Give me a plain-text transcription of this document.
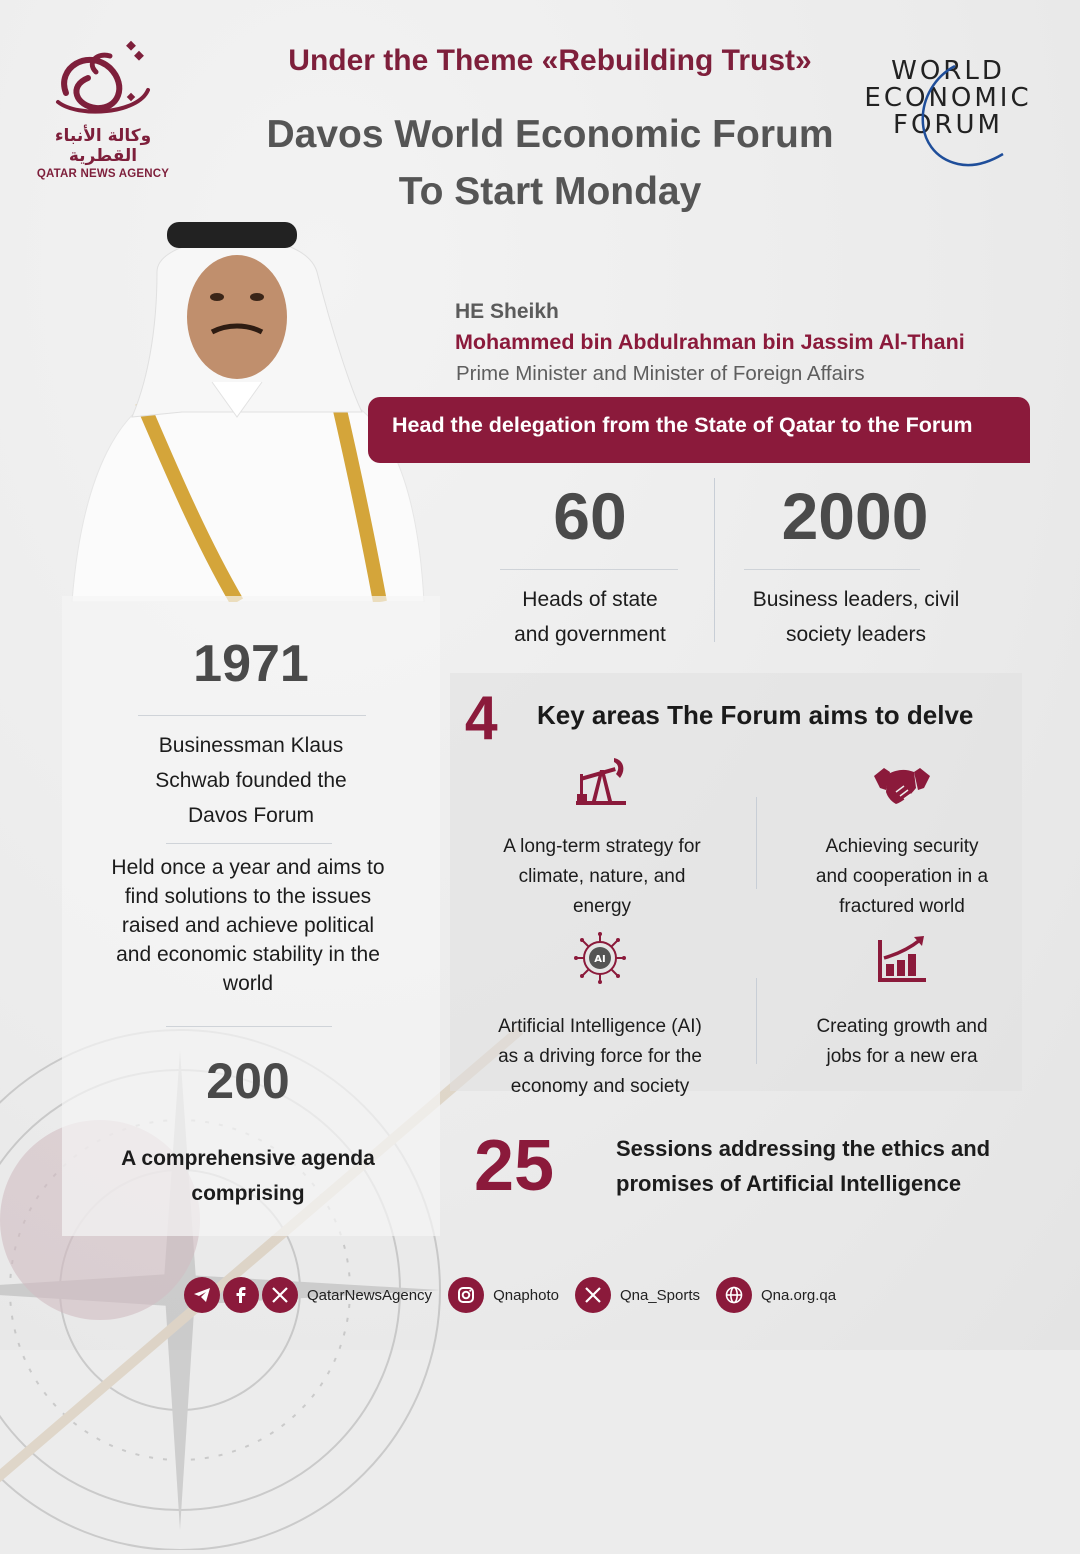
وكالة الأنباء القطرية
QATAR NEWS AGENCY
Under the Theme «Rebuilding Trust»
Davos World Economic Forum
To Start Monday
WORLD
ECONOMIC
FORUM
HE Sheikh
Mohammed bin Abdulrahman bin Jassim Al-Thani
Prime Minister and Minister of Foreign Affairs
Head the delegation from the State of Qatar to the Forum
60
Heads of state
and government
2000
Business leaders, civil
society leaders
1971
Businessman Klaus
Schwab founded the
Davos Forum
Held once a year and aims to
find solutions to the issues
raised and achieve political
and economic stability in the
world
200
A comprehensive agenda
comprising
4 Key areas The Forum aims to delve
A long-term strategy for
climate, nature, and
energy
Achieving security
and cooperation in a
fractured world
AI
Artificial Intelligence (AI)
as a driving force for the
economy and society
Creating growth and
jobs for a new era
25	Sessions addressing the ethics and
promises of Artificial Intelligence
QatarNewsAgency	Qnaphoto	Qna_Sports	Qna.org.qa
